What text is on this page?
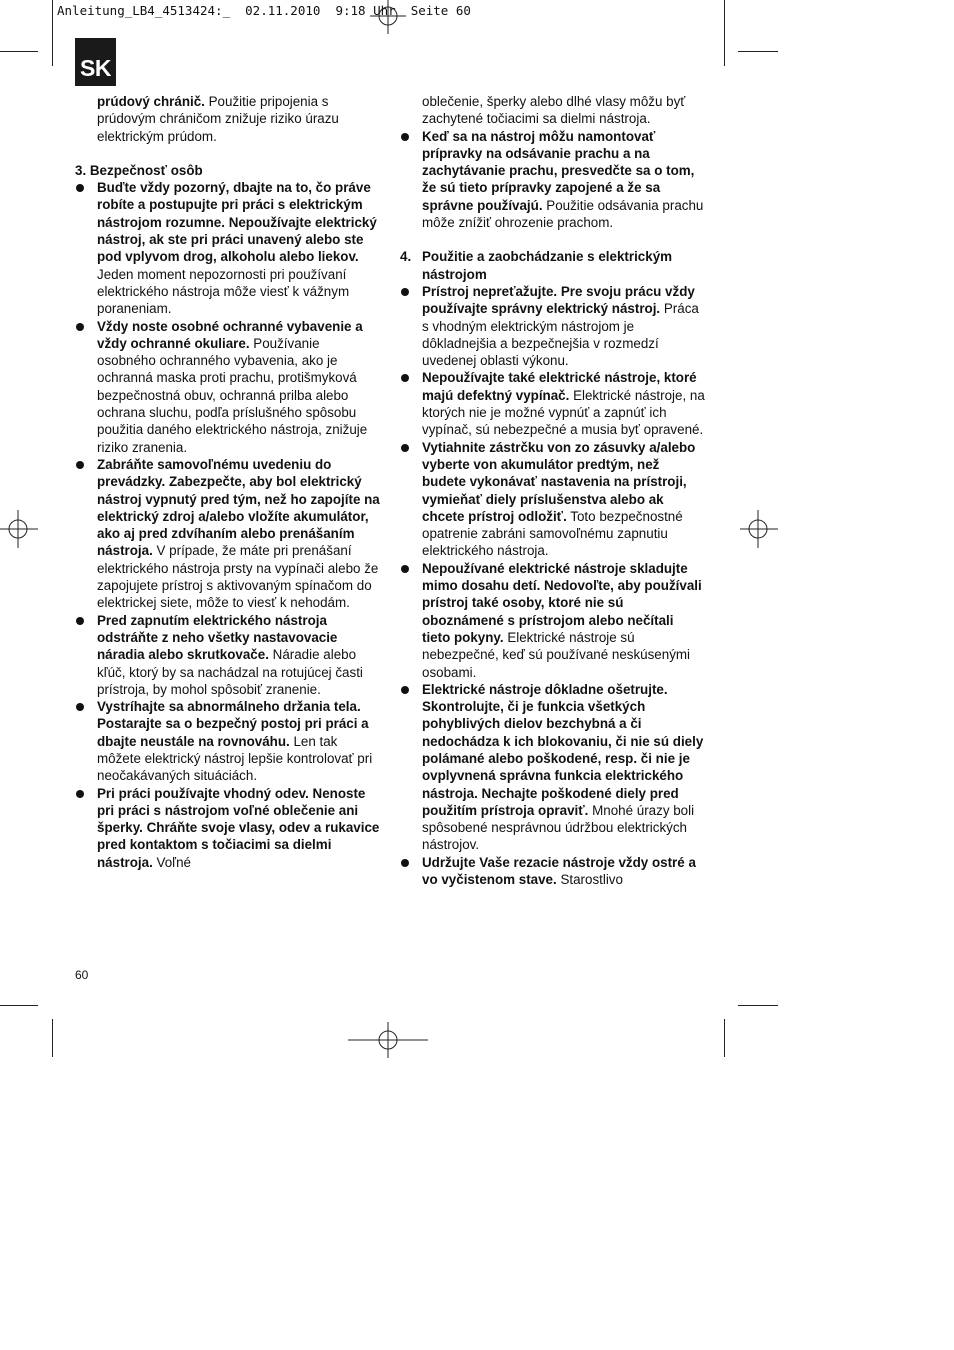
Anleitung_LB4_4513424:_  02.11.2010  9:18 Uhr  Seite 60
SK

prúdový chránič. Použitie pripojenia s prúdovým chráničom znižuje riziko úrazu elektrickým prúdom.

3. Bezpečnosť osôb

Buďte vždy pozorný, dbajte na to, čo práve robíte a postupujte pri práci s elektrickým nástrojom rozumne. Nepoužívajte elektrický nástroj, ak ste pri práci unavený alebo ste pod vplyvom drog, alkoholu alebo liekov. Jeden moment nepozornosti pri používaní elektrického nástroja môže viesť k vážnym poraneniam.

Vždy noste osobné ochranné vybavenie a vždy ochranné okuliare. Používanie osobného ochranného vybavenia, ako je ochranná maska proti prachu, protišmyková bezpečnostná obuv, ochranná prilba alebo ochrana sluchu, podľa príslušného spôsobu použitia daného elektrického nástroja, znižuje riziko zranenia.

Zabráňte samovoľnému uvedeniu do prevádzky. Zabezpečte, aby bol elektrický nástroj vypnutý pred tým, než ho zapojíte na elektrický zdroj a/alebo vložíte akumulátor, ako aj pred zdvíhaním alebo prenášaním nástroja. V prípade, že máte pri prenášaní elektrického nástroja prsty na vypínači alebo že zapojujete prístroj s aktivovaným spínačom do elektrickej siete, môže to viesť k nehodám.

Pred zapnutím elektrického nástroja odstráňte z neho všetky nastavovacie náradia alebo skrutkovače. Náradie alebo kľúč, ktorý by sa nachádzal na rotujúcej časti prístroja, by mohol spôsobiť zranenie.

Vystríhajte sa abnormálneho držania tela. Postarajte sa o bezpečný postoj pri práci a dbajte neustále na rovnováhu. Len tak môžete elektrický nástroj lepšie kontrolovať pri neočakávaných situáciách.

Pri práci používajte vhodný odev. Nenoste pri práci s nástrojom voľné oblečenie ani šperky. Chráňte svoje vlasy, odev a rukavice pred kontaktom s točiacimi sa dielmi nástroja. Voľné

oblečenie, šperky alebo dlhé vlasy môžu byť zachytené točiacimi sa dielmi nástroja.

Keď sa na nástroj môžu namontovať prípravky na odsávanie prachu a na zachytávanie prachu, presvedčte sa o tom, že sú tieto prípravky zapojené a že sa správne používajú. Použitie odsávania prachu môže znížiť ohrozenie prachom.

4. Použitie a zaobchádzanie s elektrickým nástrojom

Prístroj nepreťažujte. Pre svoju prácu vždy používajte správny elektrický nástroj. Práca s vhodným elektrickým nástrojom je dôkladnejšia a bezpečnejšia v rozmedzí uvedenej oblasti výkonu.

Nepoužívajte také elektrické nástroje, ktoré majú defektný vypínač. Elektrické nástroje, na ktorých nie je možné vypnúť a zapnúť ich vypínač, sú nebezpečné a musia byť opravené.

Vytiahnite zástrčku von zo zásuvky a/alebo vyberte von akumulátor predtým, než budete vykonávať nastavenia na prístroji, vymieňať diely príslušenstva alebo ak chcete prístroj odložiť. Toto bezpečnostné opatrenie zabráni samovoľnému zapnutiu elektrického nástroja.

Nepoužívané elektrické nástroje skladujte mimo dosahu detí. Nedovoľte, aby používali prístroj také osoby, ktoré nie sú oboznámené s prístrojom alebo nečítali tieto pokyny. Elektrické nástroje sú nebezpečné, keď sú používané neskúsenými osobami.

Elektrické nástroje dôkladne ošetrujte. Skontrolujte, či je funkcia všetkých pohyblivých dielov bezchybná a či nedochádza k ich blokovaniu, či nie sú diely polámané alebo poškodené, resp. či nie je ovplyvnená správna funkcia elektrického nástroja. Nechajte poškodené diely pred použitím prístroja opraviť. Mnohé úrazy boli spôsobené nesprávnou údržbou elektrických nástrojov.

Udržujte Vaše rezacie nástroje vždy ostré a vo vyčistenom stave. Starostlivo

60
